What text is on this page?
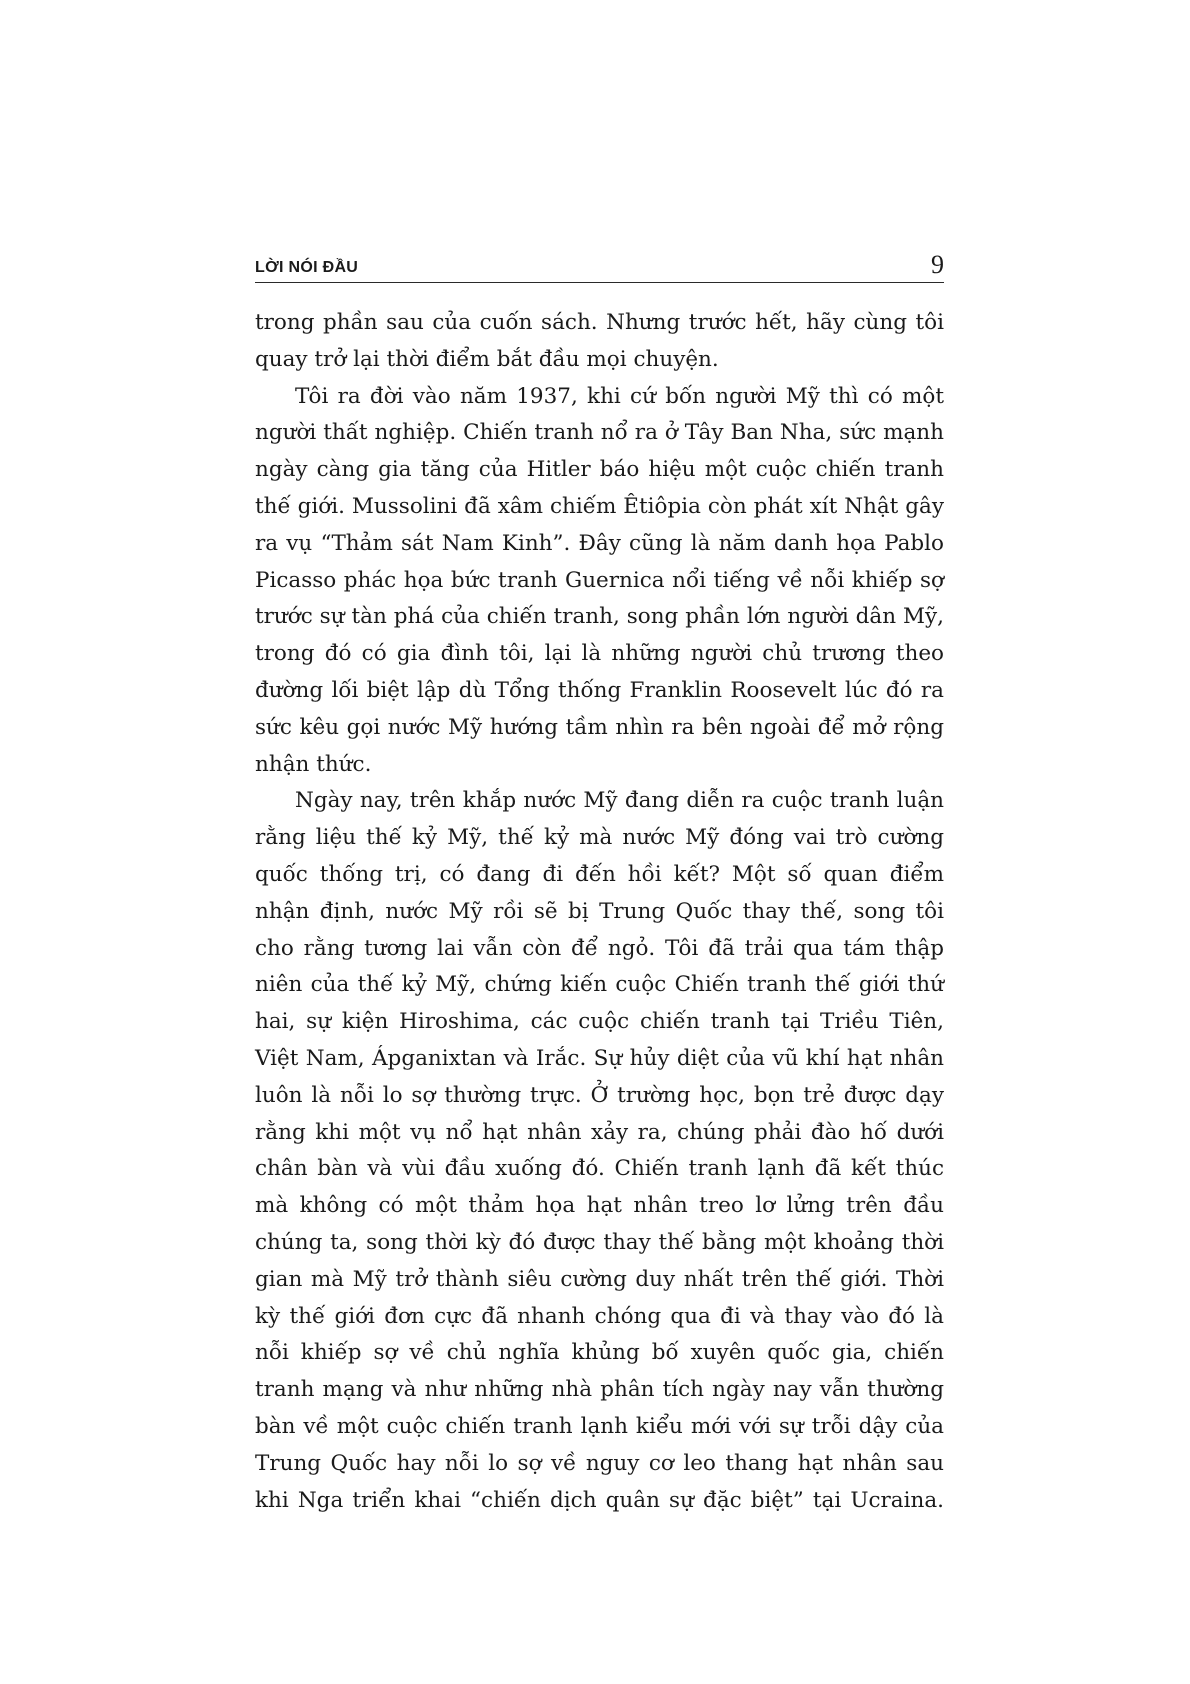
LỜI NÓI ĐẦU	9

trong phần sau của cuốn sách. Nhưng trước hết, hãy cùng tôi quay trở lại thời điểm bắt đầu mọi chuyện.

Tôi ra đời vào năm 1937, khi cứ bốn người Mỹ thì có một người thất nghiệp. Chiến tranh nổ ra ở Tây Ban Nha, sức mạnh ngày càng gia tăng của Hitler báo hiệu một cuộc chiến tranh thế giới. Mussolini đã xâm chiếm Êtiôpia còn phát xít Nhật gây ra vụ “Thảm sát Nam Kinh”. Đây cũng là năm danh họa Pablo Picasso phác họa bức tranh Guernica nổi tiếng về nỗi khiếp sợ trước sự tàn phá của chiến tranh, song phần lớn người dân Mỹ, trong đó có gia đình tôi, lại là những người chủ trương theo đường lối biệt lập dù Tổng thống Franklin Roosevelt lúc đó ra sức kêu gọi nước Mỹ hướng tầm nhìn ra bên ngoài để mở rộng nhận thức.

Ngày nay, trên khắp nước Mỹ đang diễn ra cuộc tranh luận rằng liệu thế kỷ Mỹ, thế kỷ mà nước Mỹ đóng vai trò cường quốc thống trị, có đang đi đến hồi kết? Một số quan điểm nhận định, nước Mỹ rồi sẽ bị Trung Quốc thay thế, song tôi cho rằng tương lai vẫn còn để ngỏ. Tôi đã trải qua tám thập niên của thế kỷ Mỹ, chứng kiến cuộc Chiến tranh thế giới thứ hai, sự kiện Hiroshima, các cuộc chiến tranh tại Triều Tiên, Việt Nam, Ápganixtan và Irắc. Sự hủy diệt của vũ khí hạt nhân luôn là nỗi lo sợ thường trực. Ở trường học, bọn trẻ được dạy rằng khi một vụ nổ hạt nhân xảy ra, chúng phải đào hố dưới chân bàn và vùi đầu xuống đó. Chiến tranh lạnh đã kết thúc mà không có một thảm họa hạt nhân treo lơ lửng trên đầu chúng ta, song thời kỳ đó được thay thế bằng một khoảng thời gian mà Mỹ trở thành siêu cường duy nhất trên thế giới. Thời kỳ thế giới đơn cực đã nhanh chóng qua đi và thay vào đó là nỗi khiếp sợ về chủ nghĩa khủng bố xuyên quốc gia, chiến tranh mạng và như những nhà phân tích ngày nay vẫn thường bàn về một cuộc chiến tranh lạnh kiểu mới với sự trỗi dậy của Trung Quốc hay nỗi lo sợ về nguy cơ leo thang hạt nhân sau khi Nga triển khai “chiến dịch quân sự đặc biệt” tại Ucraina.
